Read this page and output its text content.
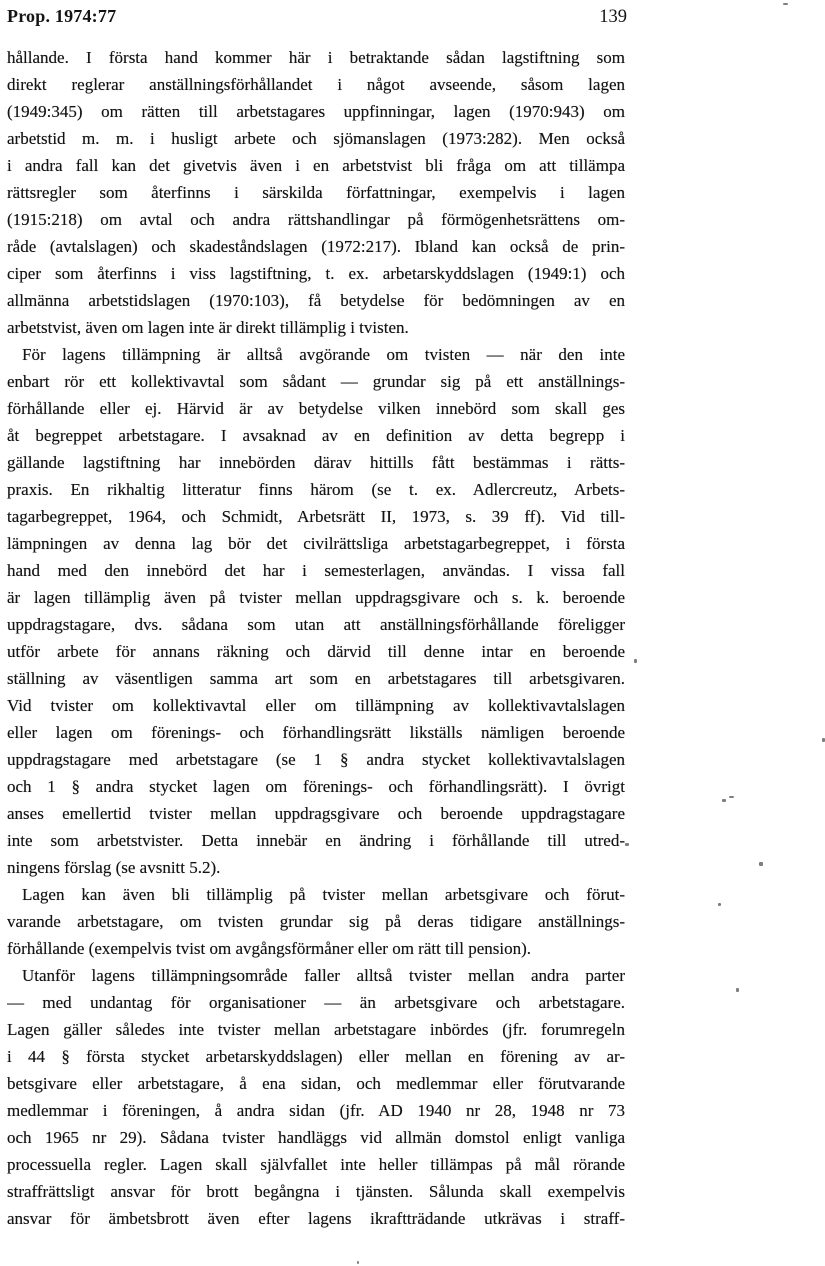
Prop. 1974:77	139
hållande. I första hand kommer här i betraktande sådan lagstiftning som
direkt reglerar anställningsförhållandet i något avseende, såsom lagen
(1949:345) om rätten till arbetstagares uppfinningar, lagen (1970:943) om
arbetstid m. m. i husligt arbete och sjömanslagen (1973:282). Men också
i andra fall kan det givetvis även i en arbetstvist bli fråga om att tillämpa
rättsregler som återfinns i särskilda författningar, exempelvis i lagen
(1915:218) om avtal och andra rättshandlingar på förmögenhetsrättens om-
råde (avtalslagen) och skadeståndslagen (1972:217). Ibland kan också de prin-
ciper som återfinns i viss lagstiftning, t. ex. arbetarskyddslagen (1949:1) och
allmänna arbetstidslagen (1970:103), få betydelse för bedömningen av en
arbetstvist, även om lagen inte är direkt tillämplig i tvisten.
För lagens tillämpning är alltså avgörande om tvisten — när den inte
enbart rör ett kollektivavtal som sådant — grundar sig på ett anställnings-
förhållande eller ej. Härvid är av betydelse vilken innebörd som skall ges
åt begreppet arbetstagare. I avsaknad av en definition av detta begrepp i
gällande lagstiftning har innebörden därav hittills fått bestämmas i rätts-
praxis. En rikhaltig litteratur finns härom (se t. ex. Adlercreutz, Arbets-
tagarbegreppet, 1964, och Schmidt, Arbetsrätt II, 1973, s. 39 ff). Vid till-
lämpningen av denna lag bör det civilrättsliga arbetstagarbegreppet, i första
hand med den innebörd det har i semesterlagen, användas. I vissa fall
är lagen tillämplig även på tvister mellan uppdragsgivare och s. k. beroende
uppdragstagare, dvs. sådana som utan att anställningsförhållande föreligger
utför arbete för annans räkning och därvid till denne intar en beroende
ställning av väsentligen samma art som en arbetstagares till arbetsgivaren.
Vid tvister om kollektivavtal eller om tillämpning av kollektivavtalslagen
eller lagen om förenings- och förhandlingsrätt likställs nämligen beroende
uppdragstagare med arbetstagare (se 1 § andra stycket kollektivavtalslagen
och 1 § andra stycket lagen om förenings- och förhandlingsrätt). I övrigt
anses emellertid tvister mellan uppdragsgivare och beroende uppdragstagare
inte som arbetstvister. Detta innebär en ändring i förhållande till utred-
ningens förslag (se avsnitt 5.2).
Lagen kan även bli tillämplig på tvister mellan arbetsgivare och förut-
varande arbetstagare, om tvisten grundar sig på deras tidigare anställnings-
förhållande (exempelvis tvist om avgångsförmåner eller om rätt till pension).
Utanför lagens tillämpningsområde faller alltså tvister mellan andra parter
— med undantag för organisationer — än arbetsgivare och arbetstagare.
Lagen gäller således inte tvister mellan arbetstagare inbördes (jfr. forumregeln
i 44 § första stycket arbetarskyddslagen) eller mellan en förening av ar-
betsgivare eller arbetstagare, å ena sidan, och medlemmar eller förutvarande
medlemmar i föreningen, å andra sidan (jfr. AD 1940 nr 28, 1948 nr 73
och 1965 nr 29). Sådana tvister handläggs vid allmän domstol enligt vanliga
processuella regler. Lagen skall självfallet inte heller tillämpas på mål rörande
straffrättsligt ansvar för brott begångna i tjänsten. Sålunda skall exempelvis
ansvar för ämbetsbrott även efter lagens ikraftträdande utkrävas i straff-
